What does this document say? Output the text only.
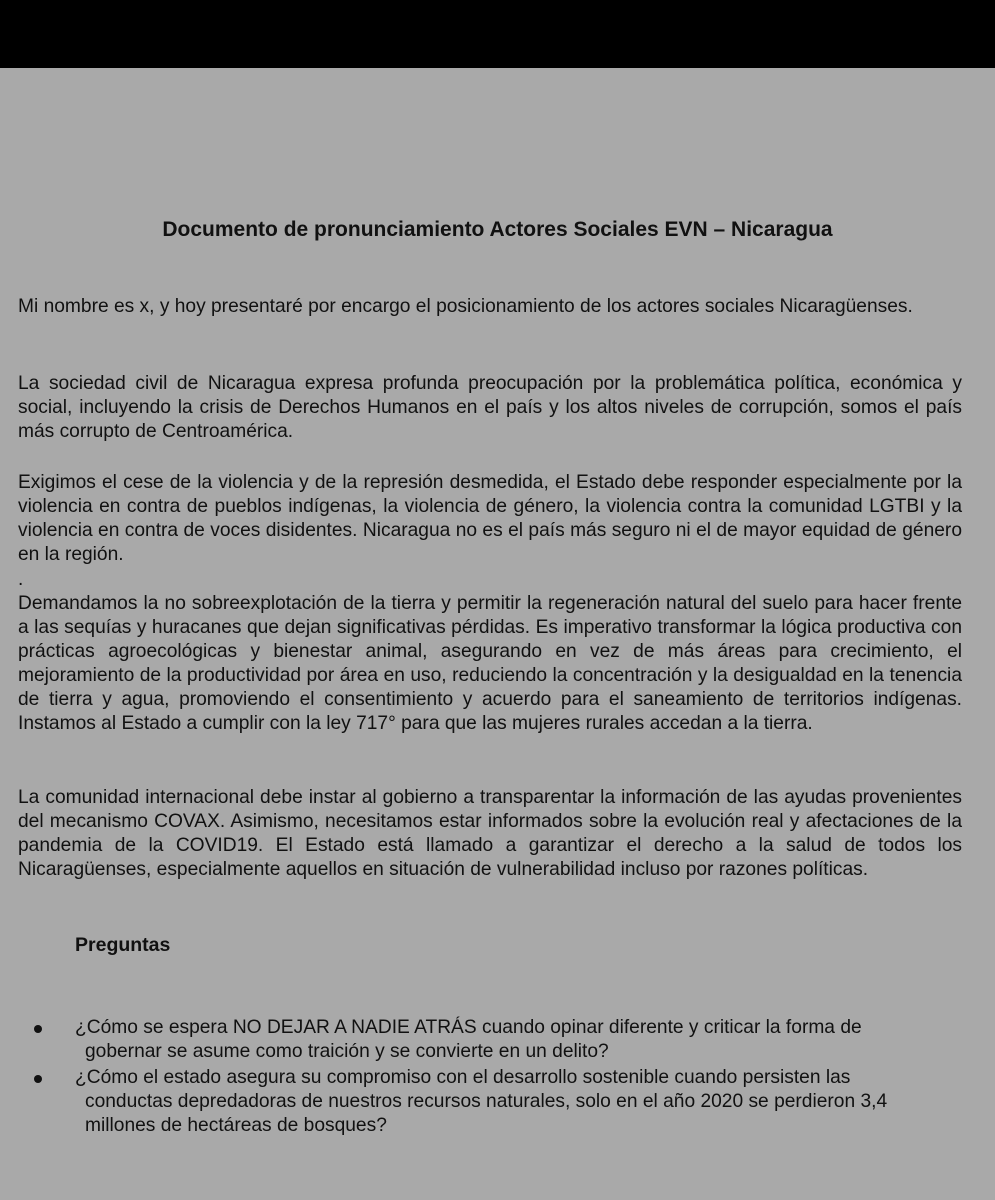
Documento de pronunciamiento Actores Sociales EVN – Nicaragua

Mi nombre es x, y hoy presentaré por encargo el posicionamiento de los actores sociales Nicaragüenses.

La sociedad civil de Nicaragua expresa profunda preocupación por la problemática política, económica y social, incluyendo la crisis de Derechos Humanos en el país y los altos niveles de corrupción, somos el país más corrupto de Centroamérica.

Exigimos el cese de la violencia y de la represión desmedida, el Estado debe responder especialmente por la violencia en contra de pueblos indígenas, la violencia de género, la violencia contra la comunidad LGTBI y la violencia en contra de voces disidentes. Nicaragua no es el país más seguro ni el de mayor equidad de género en la región.

.

Demandamos la no sobreexplotación de la tierra y permitir la regeneración natural del suelo para hacer frente a las sequías y huracanes que dejan significativas pérdidas. Es imperativo transformar la lógica productiva con prácticas agroecológicas y bienestar animal, asegurando en vez de más áreas para crecimiento, el mejoramiento de la productividad por área en uso, reduciendo la concentración y la desigualdad en la tenencia de tierra y agua, promoviendo el consentimiento y acuerdo para el saneamiento de territorios indígenas. Instamos al Estado a cumplir con la ley 717° para que las mujeres rurales accedan a la tierra.

La comunidad internacional debe instar al gobierno a transparentar la información de las ayudas provenientes del mecanismo COVAX. Asimismo, necesitamos estar informados sobre la evolución real y afectaciones de la pandemia de la COVID19. El Estado está llamado a garantizar el derecho a la salud de todos los Nicaragüenses, especialmente aquellos en situación de vulnerabilidad incluso por razones políticas.

Preguntas
¿Cómo se espera NO DEJAR A NADIE ATRÁS cuando opinar diferente y criticar la forma de gobernar se asume como traición y se convierte en un delito?
¿Cómo el estado asegura su compromiso con el desarrollo sostenible cuando persisten las conductas depredadoras de nuestros recursos naturales, solo en el año 2020 se perdieron 3,4 millones de hectáreas de bosques?
